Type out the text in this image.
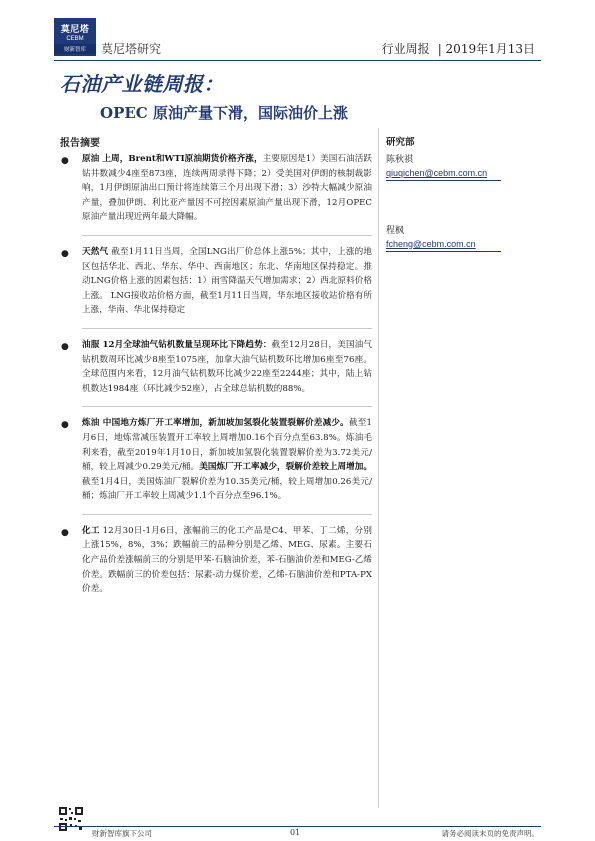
莫尼塔
CEBM
财新智库	莫尼塔研究	行业周报 | 2019年1月13日
石油产业链周报：
OPEC 原油产量下滑，国际油价上涨
报告摘要
● 原油 上周，Brent和WTI原油期货价格齐涨，主要原因是1）美国石油活跃钻井数减少4座至873座，连续两周录得下降；2）受美国对伊朗的核制裁影响，1月伊朗原油出口预计将连续第三个月出现下滑；3）沙特大幅减少原油产量，叠加伊朗、利比亚产量因不可控因素原油产量出现下滑，12月OPEC原油产量出现近两年最大降幅。
● 天然气 截至1月11日当周，全国LNG出厂价总体上涨5%；其中，上涨的地区包括华北、西北、华东、华中、西南地区；东北、华南地区保持稳定。推动LNG价格上涨的因素包括：1）雨雪降温天气增加需求；2）西北原料价格上涨。 LNG接收站价格方面，截至1月11日当周，华东地区接收站价格有所上涨，华南、华北保持稳定
● 油服 12月全球油气钻机数量呈现环比下降趋势：截至12月28日，美国油气钻机数周环比减少8座至1075座，加拿大油气钻机数环比增加6座至76座。全球范围内来看，12月油气钻机数环比减少22座至2244座；其中，陆上钻机数达1984座（环比减少52座），占全球总钻机数的88%。
● 炼油 中国地方炼厂开工率增加，新加坡加氢裂化装置裂解价差减少。截至1月6日，地炼常减压装置开工率较上周增加0.16个百分点至63.8%。炼油毛利来看，截至2019年1月10日，新加坡加氢裂化装置裂解价差为3.72美元/桶，较上周减少0.29美元/桶。美国炼厂开工率减少，裂解价差较上周增加。截至1月4日，美国炼油厂裂解价差为10.35美元/桶，较上周增加0.26美元/桶；炼油厂开工率较上周减少1.1个百分点至96.1%。
● 化工 12月30日-1月6日，涨幅前三的化工产品是C4、甲苯、丁二烯，分别上涨15%，8%，3%；跌幅前三的品种分别是乙烯、MEG、尿素。主要石化产品价差涨幅前三的分别是甲苯-石脑油价差，苯-石脑油价差和MEG-乙烯价差。跌幅前三的价差包括：尿素-动力煤价差，乙烯-石脑油价差和PTA-PX价差。
研究部
陈秋祺
qiuqichen@cebm.com.cn
程枫
fcheng@cebm.com.cn
财新智库旗下公司	01	请务必阅读末页的免责声明。
